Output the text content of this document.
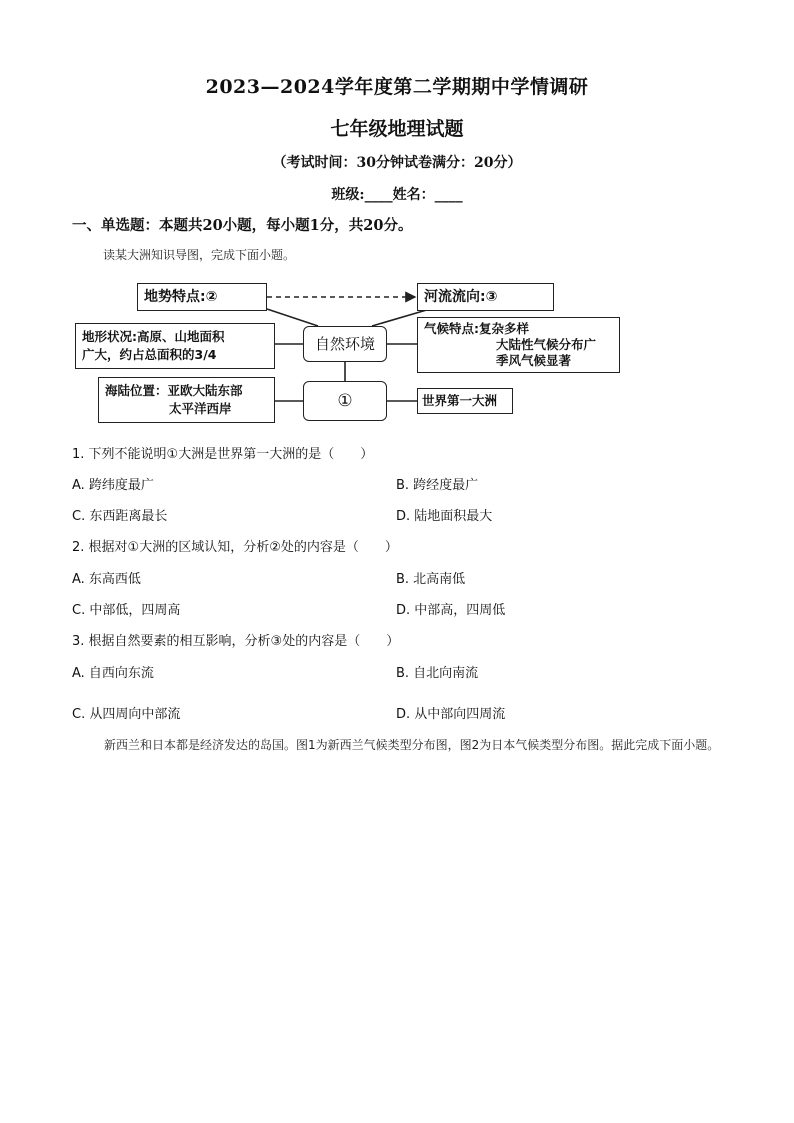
2023—2024学年度第二学期期中学情调研
七年级地理试题
（考试时间：30分钟试卷满分：20分）
班级:____姓名：____
一、单选题：本题共20小题，每小题1分，共20分。
读某大洲知识导图，完成下面小题。
地势特点:②	河流流向:③
地形状况:高原、山地面积
广大，约占总面积的3/4
自然环境
气候特点:复杂多样
大陆性气候分布广
季风气候显著
海陆位置：亚欧大陆东部
太平洋西岸	①	世界第一大洲
1. 下列不能说明①大洲是世界第一大洲的是（　　）
A. 跨纬度最广	B. 跨经度最广
C. 东西距离最长	D. 陆地面积最大
2. 根据对①大洲的区域认知，分析②处的内容是（　　）
A. 东高西低	B. 北高南低
C. 中部低，四周高	D. 中部高，四周低
3. 根据自然要素的相互影响，分析③处的内容是（　　）
A. 自西向东流	B. 自北向南流
C. 从四周向中部流	D. 从中部向四周流
新西兰和日本都是经济发达的岛国。图1为新西兰气候类型分布图，图2为日本气候类型分布图。据此完成下面小题。
